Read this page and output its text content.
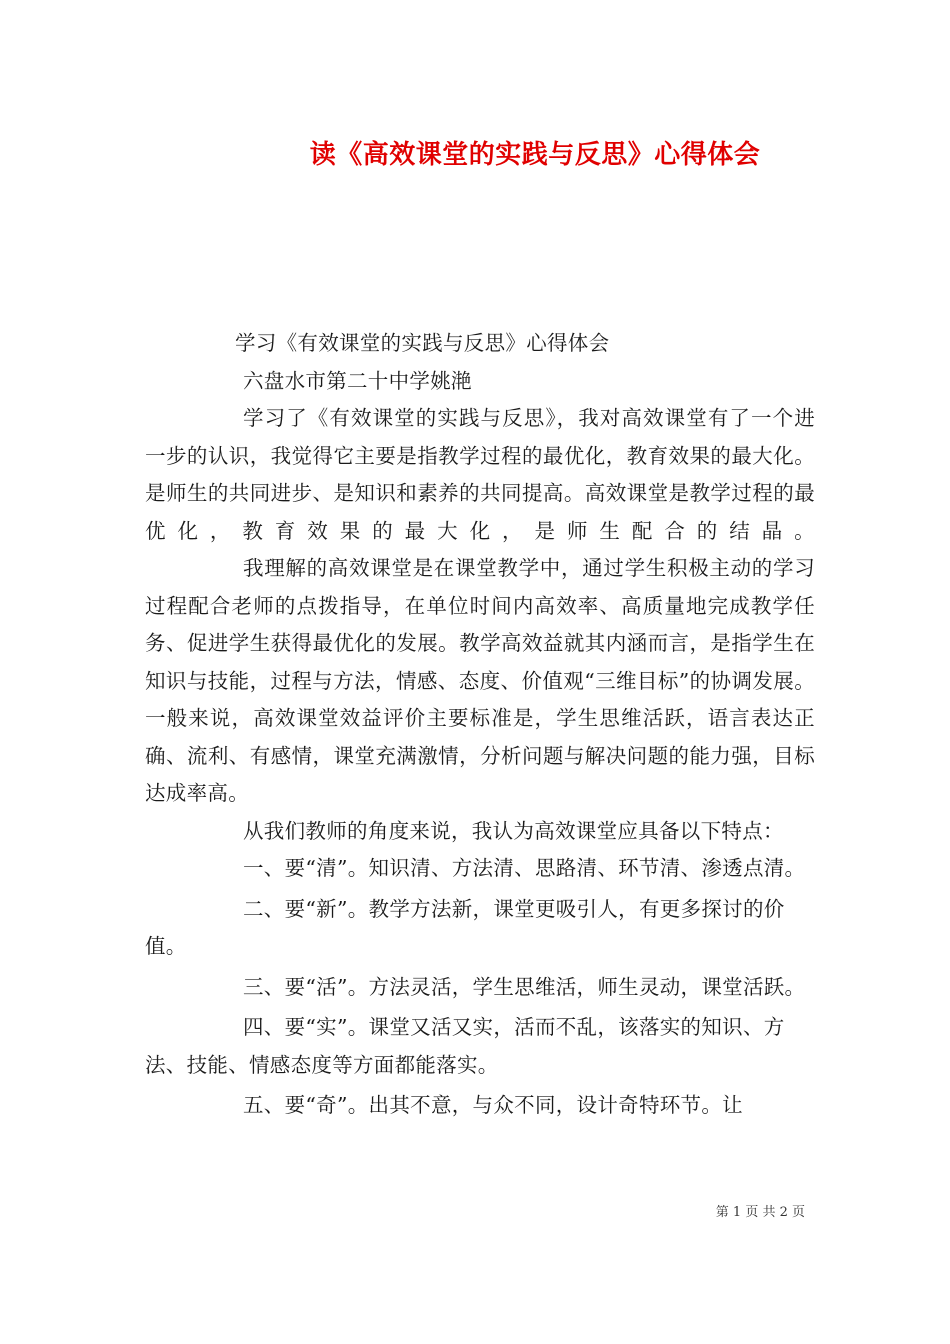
读《高效课堂的实践与反思》心得体会
学习《有效课堂的实践与反思》心得体会
六盘水市第二十中学姚滟

学习了《有效课堂的实践与反思》，我对高效课堂有了一个进一步的认识，我觉得它主要是指教学过程的最优化，教育效果的最大化。是师生的共同进步、是知识和素养的共同提高。高效课堂是教学过程的最优化，教育效果的最大化，是师生配合的结晶。

我理解的高效课堂是在课堂教学中，通过学生积极主动的学习过程配合老师的点拨指导，在单位时间内高效率、高质量地完成教学任务、促进学生获得最优化的发展。教学高效益就其内涵而言，是指学生在知识与技能，过程与方法，情感、态度、价值观“三维目标”的协调发展。一般来说，高效课堂效益评价主要标准是，学生思维活跃，语言表达正确、流利、有感情，课堂充满激情，分析问题与解决问题的能力强，目标达成率高。

从我们教师的角度来说，我认为高效课堂应具备以下特点：

一、要“清”。知识清、方法清、思路清、环节清、渗透点清。

二、要“新”。教学方法新，课堂更吸引人，有更多探讨的价值。

三、要“活”。方法灵活，学生思维活，师生灵动，课堂活跃。

四、要“实”。课堂又活又实，活而不乱，该落实的知识、方法、技能、情感态度等方面都能落实。

五、要“奇”。出其不意，与众不同，设计奇特环节。让

第 1 页 共 2 页
